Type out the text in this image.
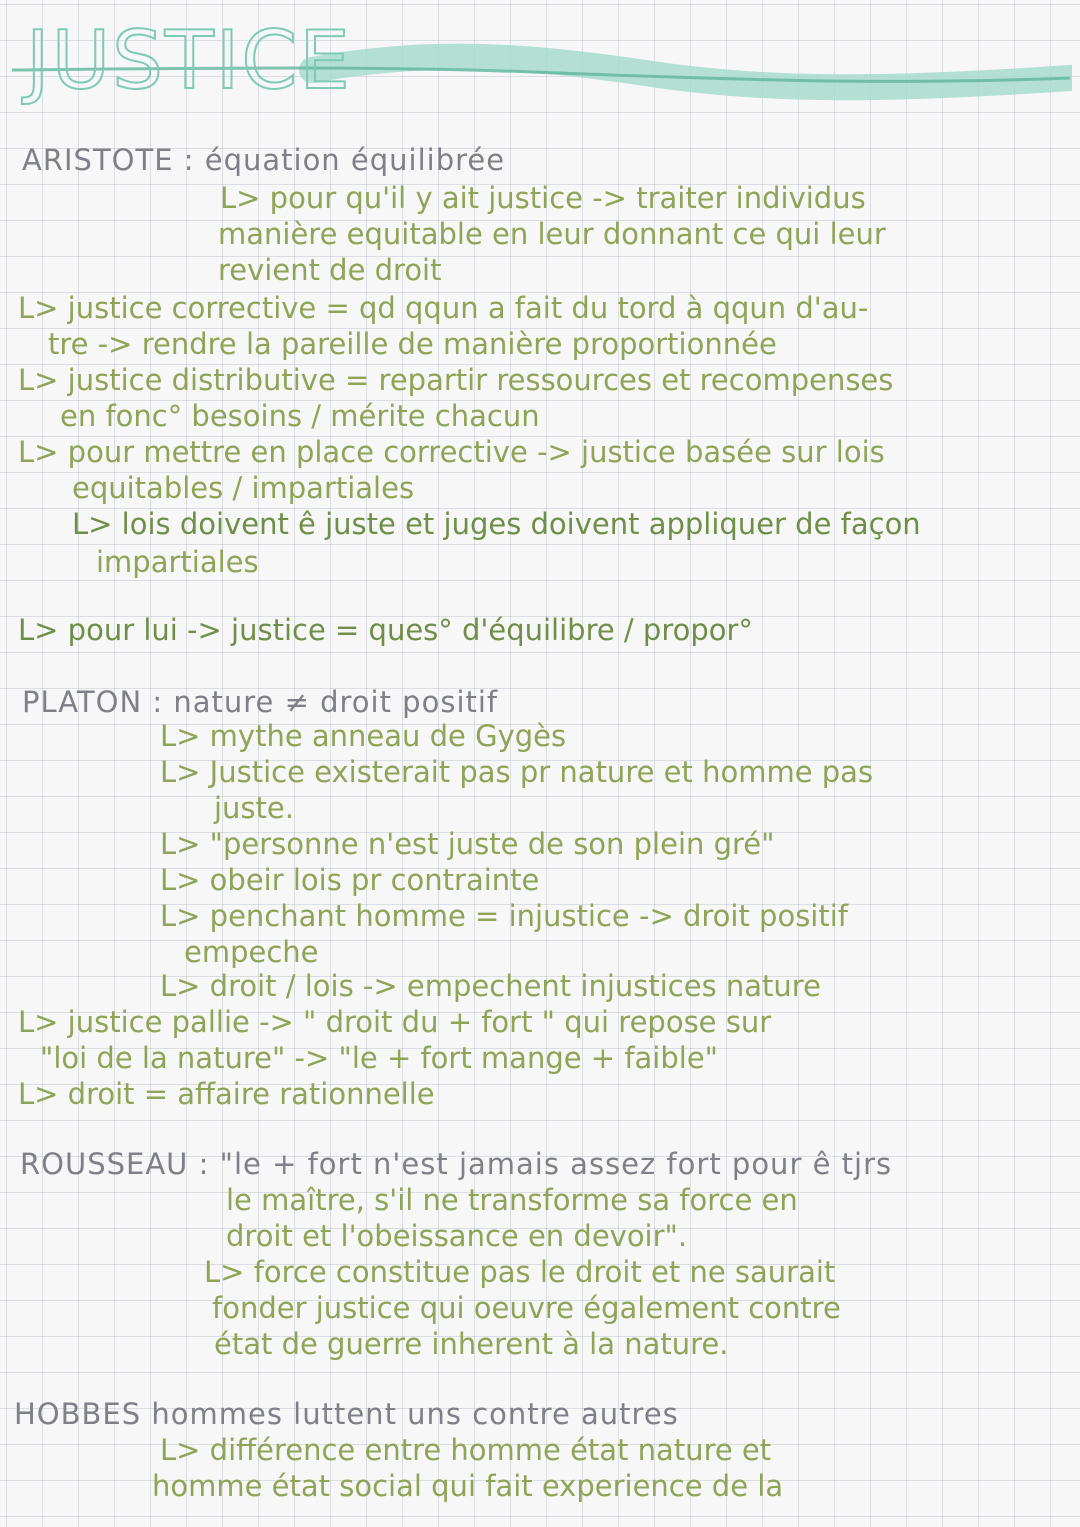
JUSTICE
ARISTOTE : équation équilibrée
L> pour qu'il y ait justice -> traiter individus
manière equitable en leur donnant ce qui leur
revient de droit
L> justice corrective = qd qqun a fait du tord à qqun d'au-
tre -> rendre la pareille de manière proportionnée
L> justice distributive = repartir ressources et recompenses
en fonc° besoins / mérite chacun
L> pour mettre en place corrective -> justice basée sur lois
equitables / impartiales
L> lois doivent ê juste et juges doivent appliquer de façon
impartiales
L> pour lui -> justice = ques° d'équilibre / propor°
PLATON : nature ≠ droit positif
L> mythe anneau de Gygès
L> Justice existerait pas pr nature et homme pas
juste.
L> "personne n'est juste de son plein gré"
L> obeir lois pr contrainte
L> penchant homme = injustice -> droit positif
empeche
L> droit / lois -> empechent injustices nature
L> justice pallie -> " droit du + fort " qui repose sur
"loi de la nature" -> "le + fort mange + faible"
L> droit = affaire rationnelle
ROUSSEAU : "le + fort n'est jamais assez fort pour ê tjrs
le maître, s'il ne transforme sa force en
droit et l'obeissance en devoir".
L> force constitue pas le droit et ne saurait
fonder justice qui oeuvre également contre
état de guerre inherent à la nature.
HOBBES hommes luttent uns contre autres
L> différence entre homme état nature et
homme état social qui fait experience de la
